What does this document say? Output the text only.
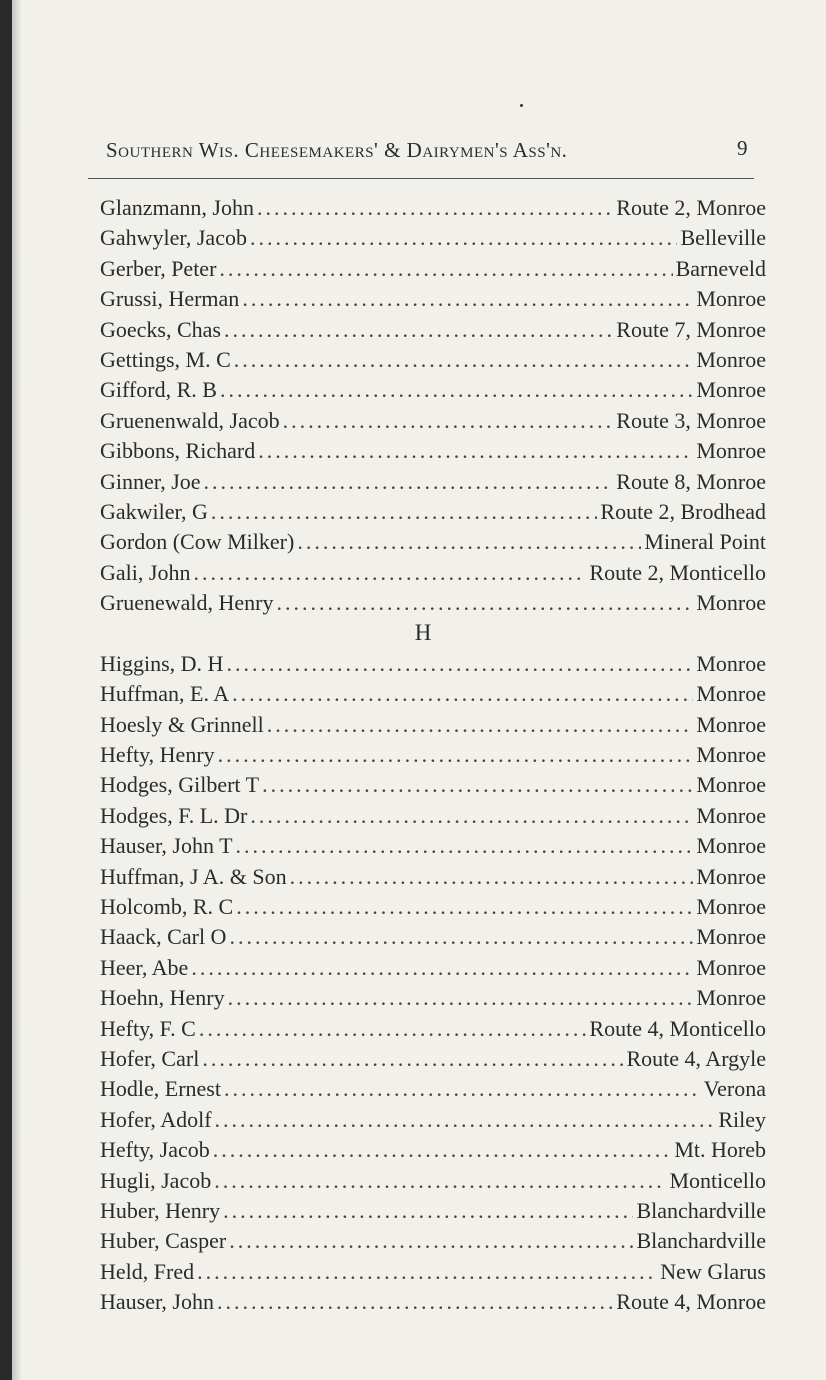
Southern Wis. Cheesemakers' & Dairymen's Ass'n.	9
Glanzmann, John .....	Route 2, Monroe
Gahwyler, Jacob .....	Belleville
Gerber, Peter .....	Barneveld
Grussi, Herman .....	Monroe
Goecks, Chas .....	Route 7, Monroe
Gettings, M. C .....	Monroe
Gifford, R. B .....	Monroe
Gruenenwald, Jacob .....	Route 3, Monroe
Gibbons, Richard .....	Monroe
Ginner, Joe .....	Route 8, Monroe
Gakwiler, G .....	Route 2, Brodhead
Gordon (Cow Milker) .....	Mineral Point
Gali, John .....	Route 2, Monticello
Gruenewald, Henry .....	Monroe
H
Higgins, D. H .....	Monroe
Huffman, E. A .....	Monroe
Hoesly & Grinnell .....	Monroe
Hefty, Henry .....	Monroe
Hodges, Gilbert T .....	Monroe
Hodges, F. L. Dr .....	Monroe
Hauser, John T .....	Monroe
Huffman, J A. & Son .....	Monroe
Holcomb, R. C .....	Monroe
Haack, Carl O .....	Monroe
Heer, Abe .....	Monroe
Hoehn, Henry .....	Monroe
Hefty, F. C .....	Route 4, Monticello
Hofer, Carl .....	Route 4, Argyle
Hodle, Ernest .....	Verona
Hofer, Adolf .....	Riley
Hefty, Jacob .....	Mt. Horeb
Hugli, Jacob .....	Monticello
Huber, Henry .....	Blanchardville
Huber, Casper .....	Blanchardville
Held, Fred .....	New Glarus
Hauser, John .....	Route 4, Monroe
